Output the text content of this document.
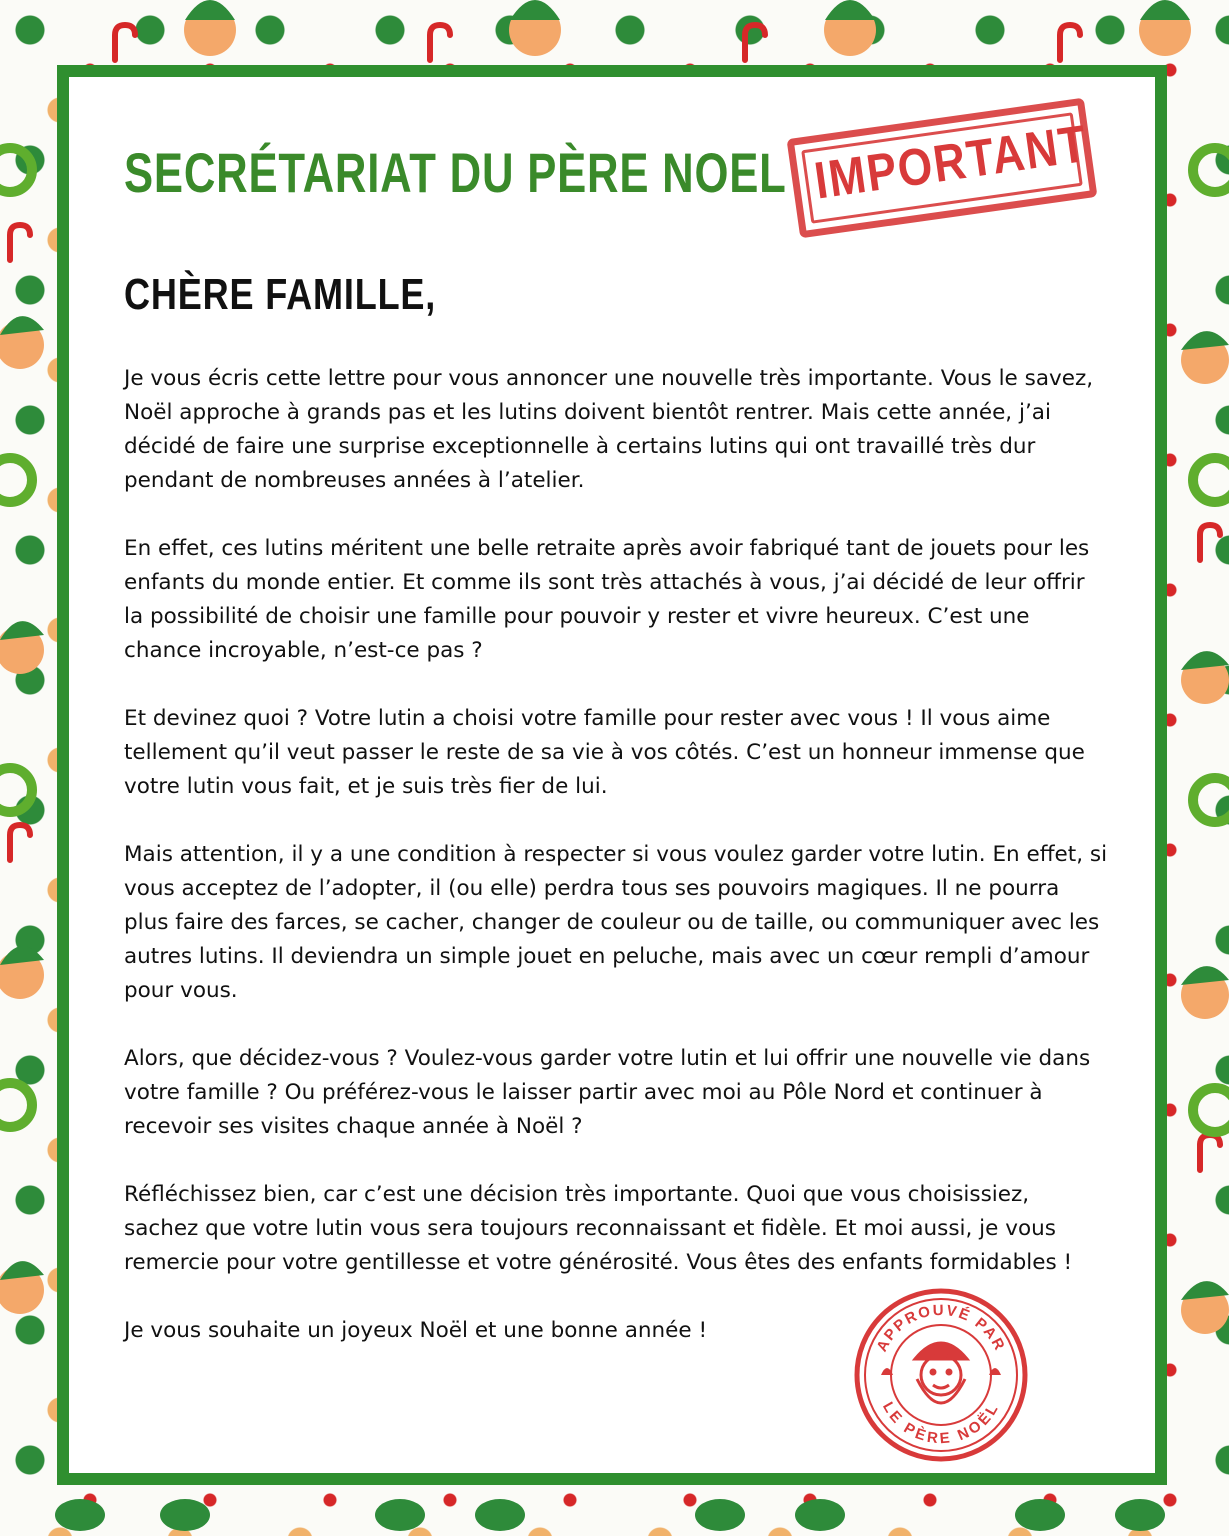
SECRÉTARIAT DU PÈRE NOEL IMPORTANT
CHÈRE FAMILLE,

Je vous écris cette lettre pour vous annoncer une nouvelle très importante. Vous le savez, Noël approche à grands pas et les lutins doivent bientôt rentrer. Mais cette année, j’ai décidé de faire une surprise exceptionnelle à certains lutins qui ont travaillé très dur pendant de nombreuses années à l’atelier.

En effet, ces lutins méritent une belle retraite après avoir fabriqué tant de jouets pour les enfants du monde entier. Et comme ils sont très attachés à vous, j’ai décidé de leur offrir la possibilité de choisir une famille pour pouvoir y rester et vivre heureux. C’est une chance incroyable, n’est-ce pas ?

Et devinez quoi ? Votre lutin a choisi votre famille pour rester avec vous ! Il vous aime tellement qu’il veut passer le reste de sa vie à vos côtés. C’est un honneur immense que votre lutin vous fait, et je suis très fier de lui.

Mais attention, il y a une condition à respecter si vous voulez garder votre lutin. En effet, si vous acceptez de l’adopter, il (ou elle) perdra tous ses pouvoirs magiques. Il ne pourra plus faire des farces, se cacher, changer de couleur ou de taille, ou communiquer avec les autres lutins. Il deviendra un simple jouet en peluche, mais avec un cœur rempli d’amour pour vous.

Alors, que décidez-vous ? Voulez-vous garder votre lutin et lui offrir une nouvelle vie dans votre famille ? Ou préférez-vous le laisser partir avec moi au Pôle Nord et continuer à recevoir ses visites chaque année à Noël ?

Réfléchissez bien, car c’est une décision très importante. Quoi que vous choisissiez, sachez que votre lutin vous sera toujours reconnaissant et fidèle. Et moi aussi, je vous remercie pour votre gentillesse et votre générosité. Vous êtes des enfants formidables !

Je vous souhaite un joyeux Noël et une bonne année !

APPROUVÉ PAR
LE PÈRE NOËL
